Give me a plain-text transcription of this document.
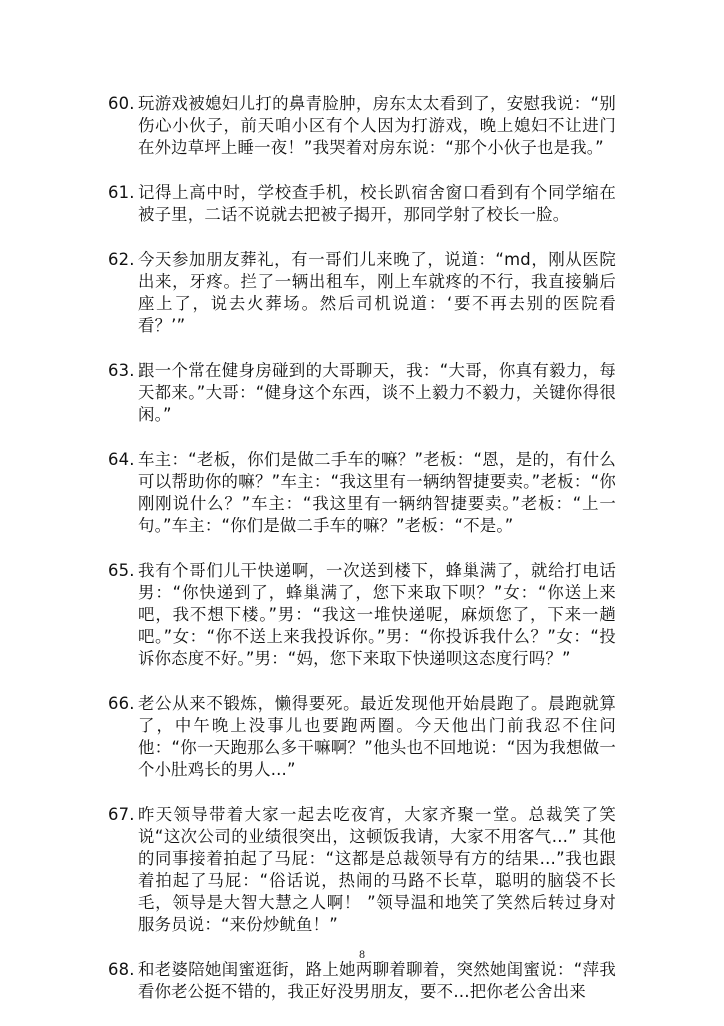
60. 玩游戏被媳妇儿打的鼻青脸肿，房东太太看到了，安慰我说：“别伤心小伙子，前天咱小区有个人因为打游戏，晚上媳妇不让进门在外边草坪上睡一夜！”我哭着对房东说：“那个小伙子也是我。”
61. 记得上高中时，学校查手机，校长趴宿舍窗口看到有个同学缩在被子里，二话不说就去把被子揭开，那同学射了校长一脸。
62. 今天参加朋友葬礼，有一哥们儿来晚了，说道：“md，刚从医院出来，牙疼。拦了一辆出租车，刚上车就疼的不行，我直接躺后座上了，说去火葬场。然后司机说道：‘要不再去别的医院看看？’”
63. 跟一个常在健身房碰到的大哥聊天，我：“大哥，你真有毅力，每天都来。”大哥：“健身这个东西，谈不上毅力不毅力，关键你得很闲。”
64. 车主：“老板，你们是做二手车的嘛？”老板：“恩，是的，有什么可以帮助你的嘛？”车主：“我这里有一辆纳智捷要卖。”老板：“你刚刚说什么？”车主：“我这里有一辆纳智捷要卖。”老板：“上一句。”车主：“你们是做二手车的嘛？”老板：“不是。”
65. 我有个哥们儿干快递啊，一次送到楼下，蜂巢满了，就给打电话男：“你快递到了，蜂巢满了，您下来取下呗？”女：“你送上来吧，我不想下楼。”男：“我这一堆快递呢，麻烦您了，下来一趟吧。”女：“你不送上来我投诉你。”男：“你投诉我什么？”女：“投诉你态度不好。”男：“妈，您下来取下快递呗这态度行吗？”
66. 老公从来不锻炼，懒得要死。最近发现他开始晨跑了。晨跑就算了，中午晚上没事儿也要跑两圈。今天他出门前我忍不住问他：“你一天跑那么多干嘛啊？”他头也不回地说：“因为我想做一个小肚鸡长的男人...”
67. 昨天领导带着大家一起去吃夜宵，大家齐聚一堂。总裁笑了笑说“这次公司的业绩很突出，这顿饭我请，大家不用客气…” 其他的同事接着拍起了马屁：“这都是总裁领导有方的结果…”我也跟着拍起了马屁：“俗话说，热闹的马路不长草，聪明的脑袋不长毛，领导是大智大慧之人啊！ ”领导温和地笑了笑然后转过身对服务员说：“来份炒鱿鱼！”
68. 和老婆陪她闺蜜逛街，路上她两聊着聊着，突然她闺蜜说：“萍我看你老公挺不错的，我正好没男朋友，要不…把你老公舍出来
8
